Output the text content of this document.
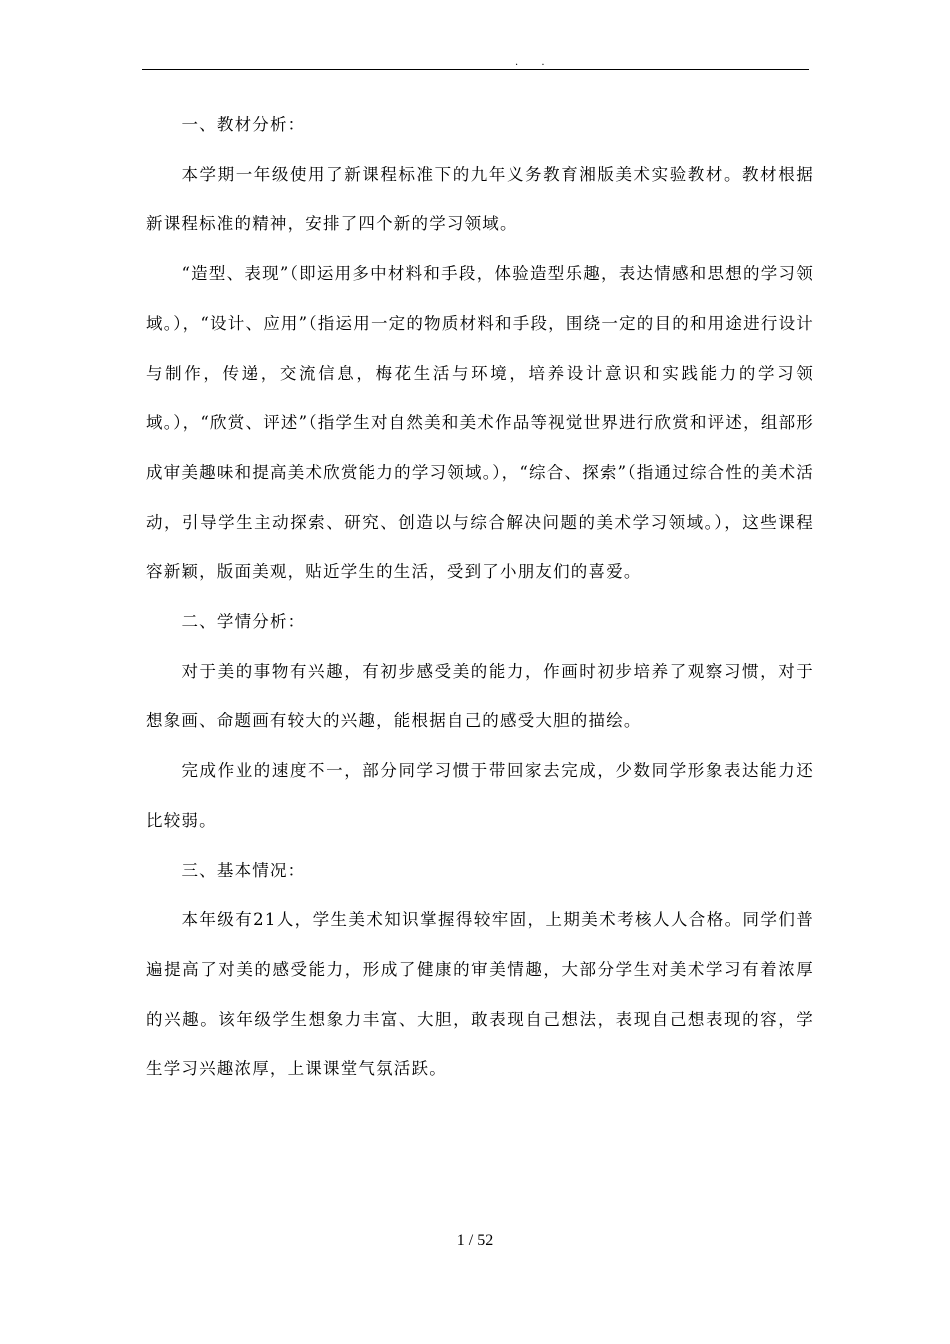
. .

一、教材分析：

本学期一年级使用了新课程标准下的九年义务教育湘版美术实验教材。教材根据新课程标准的精神，安排了四个新的学习领域。

“造型、表现”（即运用多中材料和手段，体验造型乐趣，表达情感和思想的学习领域。），“设计、应用”（指运用一定的物质材料和手段，围绕一定的目的和用途进行设计与制作，传递，交流信息，梅花生活与环境，培养设计意识和实践能力的学习领域。），“欣赏、评述”（指学生对自然美和美术作品等视觉世界进行欣赏和评述，组部形成审美趣味和提高美术欣赏能力的学习领域。），“综合、探索”（指通过综合性的美术活动，引导学生主动探索、研究、创造以与综合解决问题的美术学习领域。），这些课程容新颖，版面美观，贴近学生的生活，受到了小朋友们的喜爱。

二、学情分析：

对于美的事物有兴趣，有初步感受美的能力，作画时初步培养了观察习惯，对于想象画、命题画有较大的兴趣，能根据自己的感受大胆的描绘。

完成作业的速度不一，部分同学习惯于带回家去完成，少数同学形象表达能力还比较弱。

三、基本情况：

本年级有21人，学生美术知识掌握得较牢固，上期美术考核人人合格。同学们普遍提高了对美的感受能力，形成了健康的审美情趣，大部分学生对美术学习有着浓厚的兴趣。该年级学生想象力丰富、大胆，敢表现自己想法，表现自己想表现的容，学生学习兴趣浓厚，上课课堂气氛活跃。

1 / 52
